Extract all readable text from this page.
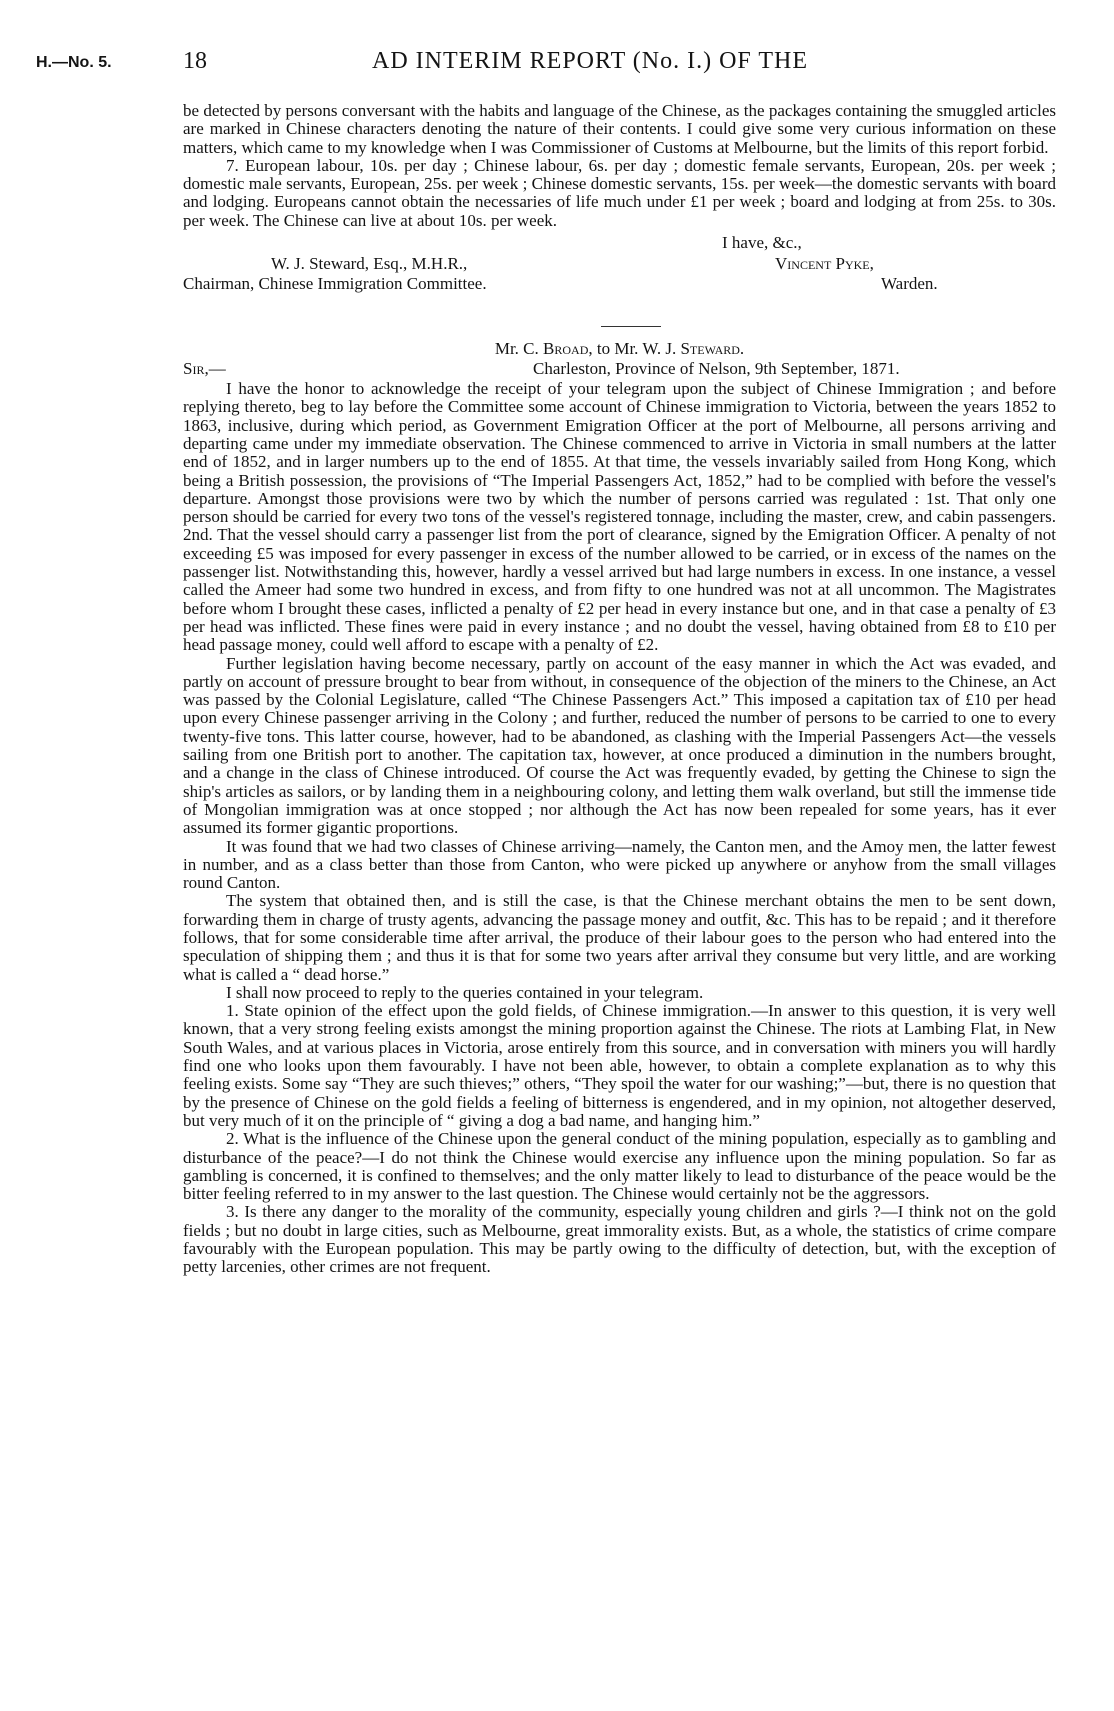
H.—No. 5.	18	AD INTERIM REPORT (No. I.) OF THE

be detected by persons conversant with the habits and language of the Chinese, as the packages containing the smuggled articles are marked in Chinese characters denoting the nature of their contents. I could give some very curious information on these matters, which came to my knowledge when I was Commissioner of Customs at Melbourne, but the limits of this report forbid.

7. European labour, 10s. per day ; Chinese labour, 6s. per day ; domestic female servants, European, 20s. per week ; domestic male servants, European, 25s. per week ; Chinese domestic servants, 15s. per week—the domestic servants with board and lodging. Europeans cannot obtain the necessaries of life much under £1 per week ; board and lodging at from 25s. to 30s. per week. The Chinese can live at about 10s. per week.

I have, &c.,
W. J. Steward, Esq., M.H.R.,	Vincent Pyke,
Chairman, Chinese Immigration Committee.	Warden.
Mr. C. Broad, to Mr. W. J. Steward.
Sir,—	Charleston, Province of Nelson, 9th September, 1871.

I have the honor to acknowledge the receipt of your telegram upon the subject of Chinese Immigration ; and before replying thereto, beg to lay before the Committee some account of Chinese immigration to Victoria, between the years 1852 to 1863, inclusive, during which period, as Government Emigration Officer at the port of Melbourne, all persons arriving and departing came under my immediate observation. The Chinese commenced to arrive in Victoria in small numbers at the latter end of 1852, and in larger numbers up to the end of 1855. At that time, the vessels invariably sailed from Hong Kong, which being a British possession, the provisions of “The Imperial Passengers Act, 1852,” had to be complied with before the vessel's departure. Amongst those provisions were two by which the number of persons carried was regulated : 1st. That only one person should be carried for every two tons of the vessel's registered tonnage, including the master, crew, and cabin passengers. 2nd. That the vessel should carry a passenger list from the port of clearance, signed by the Emigration Officer. A penalty of not exceeding £5 was imposed for every passenger in excess of the number allowed to be carried, or in excess of the names on the passenger list. Notwithstanding this, however, hardly a vessel arrived but had large numbers in excess. In one instance, a vessel called the Ameer had some two hundred in excess, and from fifty to one hundred was not at all uncommon. The Magistrates before whom I brought these cases, inflicted a penalty of £2 per head in every instance but one, and in that case a penalty of £3 per head was inflicted. These fines were paid in every instance ; and no doubt the vessel, having obtained from £8 to £10 per head passage money, could well afford to escape with a penalty of £2.

Further legislation having become necessary, partly on account of the easy manner in which the Act was evaded, and partly on account of pressure brought to bear from without, in consequence of the objection of the miners to the Chinese, an Act was passed by the Colonial Legislature, called “The Chinese Passengers Act.” This imposed a capitation tax of £10 per head upon every Chinese passenger arriving in the Colony ; and further, reduced the number of persons to be carried to one to every twenty-five tons. This latter course, however, had to be abandoned, as clashing with the Imperial Passengers Act—the vessels sailing from one British port to another. The capitation tax, however, at once produced a diminution in the numbers brought, and a change in the class of Chinese introduced. Of course the Act was frequently evaded, by getting the Chinese to sign the ship's articles as sailors, or by landing them in a neighbouring colony, and letting them walk overland, but still the immense tide of Mongolian immigration was at once stopped ; nor although the Act has now been repealed for some years, has it ever assumed its former gigantic proportions.

It was found that we had two classes of Chinese arriving—namely, the Canton men, and the Amoy men, the latter fewest in number, and as a class better than those from Canton, who were picked up anywhere or anyhow from the small villages round Canton.

The system that obtained then, and is still the case, is that the Chinese merchant obtains the men to be sent down, forwarding them in charge of trusty agents, advancing the passage money and outfit, &c. This has to be repaid ; and it therefore follows, that for some considerable time after arrival, the produce of their labour goes to the person who had entered into the speculation of shipping them ; and thus it is that for some two years after arrival they consume but very little, and are working what is called a “ dead horse.”

I shall now proceed to reply to the queries contained in your telegram.

1. State opinion of the effect upon the gold fields, of Chinese immigration.—In answer to this question, it is very well known, that a very strong feeling exists amongst the mining proportion against the Chinese. The riots at Lambing Flat, in New South Wales, and at various places in Victoria, arose entirely from this source, and in conversation with miners you will hardly find one who looks upon them favourably. I have not been able, however, to obtain a complete explanation as to why this feeling exists. Some say “They are such thieves;” others, “They spoil the water for our washing;”—but, there is no question that by the presence of Chinese on the gold fields a feeling of bitterness is engendered, and in my opinion, not altogether deserved, but very much of it on the principle of “ giving a dog a bad name, and hanging him.”

2. What is the influence of the Chinese upon the general conduct of the mining population, especially as to gambling and disturbance of the peace?—I do not think the Chinese would exercise any influence upon the mining population. So far as gambling is concerned, it is confined to themselves; and the only matter likely to lead to disturbance of the peace would be the bitter feeling referred to in my answer to the last question. The Chinese would certainly not be the aggressors.

3. Is there any danger to the morality of the community, especially young children and girls ?—I think not on the gold fields ; but no doubt in large cities, such as Melbourne, great immorality exists. But, as a whole, the statistics of crime compare favourably with the European population. This may be partly owing to the difficulty of detection, but, with the exception of petty larcenies, other crimes are not frequent.
